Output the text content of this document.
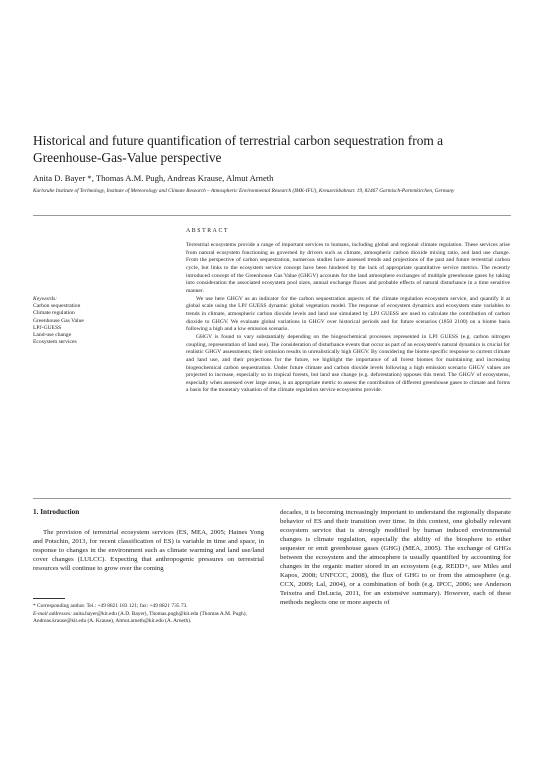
Historical and future quantification of terrestrial carbon sequestration from a Greenhouse-Gas-Value perspective
Anita D. Bayer *, Thomas A.M. Pugh, Andreas Krause, Almut Arneth
Karlsruhe Institute of Technology, Institute of Meteorology and Climate Research – Atmospheric Environmental Research (IMK-IFU), Kreuzeckbahnstr. 19, 82467 Garmisch-Partenkirchen, Germany
Keywords:
Carbon sequestration
Climate regulation
Greenhouse Gas Value
LPJ-GUESS
Land-use change
Ecosystem services
ABSTRACT

Terrestrial ecosystems provide a range of important services to humans, including global and regional climate regulation. These services arise from natural ecosystem functioning as governed by drivers such as climate, atmospheric carbon dioxide mixing ratio, and land use change. From the perspective of carbon sequestration, numerous studies have assessed trends and projections of the past and future terrestrial carbon cycle, but links to the ecosystem service concept have been hindered by the lack of appropriate quantitative service metrics. The recently introduced concept of the Greenhouse Gas Value (GHGV) accounts for the land atmosphere exchanges of multiple greenhouse gases by taking into consideration the associated ecosystem pool sizes, annual exchange fluxes and probable effects of natural disturbance in a time sensitive manner.

We use here GHGV as an indicator for the carbon sequestration aspects of the climate regulation ecosystem service, and quantify it at global scale using the LPJ GUESS dynamic global vegetation model. The response of ecosystem dynamics and ecosystem state variables to trends in climate, atmospheric carbon dioxide levels and land use simulated by LPJ GUESS are used to calculate the contribution of carbon dioxide to GHGV. We evaluate global variations in GHGV over historical periods and for future scenarios (1850 2100) on a biome basis following a high and a low emission scenario.

GHGV is found to vary substantially depending on the biogeochemical processes represented in LPJ GUESS (e.g. carbon nitrogen coupling, representation of land use). The consideration of disturbance events that occur as part of an ecosystem's natural dynamics is crucial for realistic GHGV assessments; their omission results in unrealistically high GHGV. By considering the biome specific response to current climate and land use, and their projections for the future, we highlight the importance of all forest biomes for maintaining and increasing biogeochemical carbon sequestration. Under future climate and carbon dioxide levels following a high emission scenario GHGV values are projected to increase, especially so in tropical forests, but land use change (e.g. deforestation) opposes this trend. The GHGV of ecosystems, especially when assessed over large areas, is an appropriate metric to assess the contribution of different greenhouse gases to climate and forms a basis for the monetary valuation of the climate regulation service ecosystems provide.

1. Introduction

The provision of terrestrial ecosystem services (ES, MEA, 2005; Haines Yong and Potschin, 2013, for recent classification of ES) is variable in time and space, in response to changes in the environment such as climate warming and land use/land cover changes (LULCC). Expecting that anthropogenic pressures on terrestrial resources will continue to grow over the coming

decades, it is becoming increasingly important to understand the regionally disparate behavior of ES and their transition over time. In this context, one globally relevant ecosystem service that is strongly modified by human induced environmental changes is climate regulation, especially the ability of the biosphere to either sequester or emit greenhouse gases (GHG) (MEA, 2005). The exchange of GHGs between the ecosystem and the atmosphere is usually quantified by accounting for changes in the organic matter stored in an ecosystem (e.g. REDD+, see Miles and Kapos, 2008; UNFCCC, 2008), the flux of GHG to or from the atmosphere (e.g. CCX, 2009; Lal, 2004), or a combination of both (e.g. IPCC, 2006; see Anderson Teixeira and DeLucia, 2011, for an extensive summary). However, each of these methods neglects one or more aspects of

* Corresponding author. Tel.: +49 8821 183 121; fax: +49 8821 735 73.

E-mail addresses: anita.bayer@kit.edu (A.D. Bayer), Thomas.pugh@kit.edu (Thomas A.M. Pugh), Andreas.krause@kit.edu (A. Krause), Almut.arneth@kit.edu (A. Arneth).
